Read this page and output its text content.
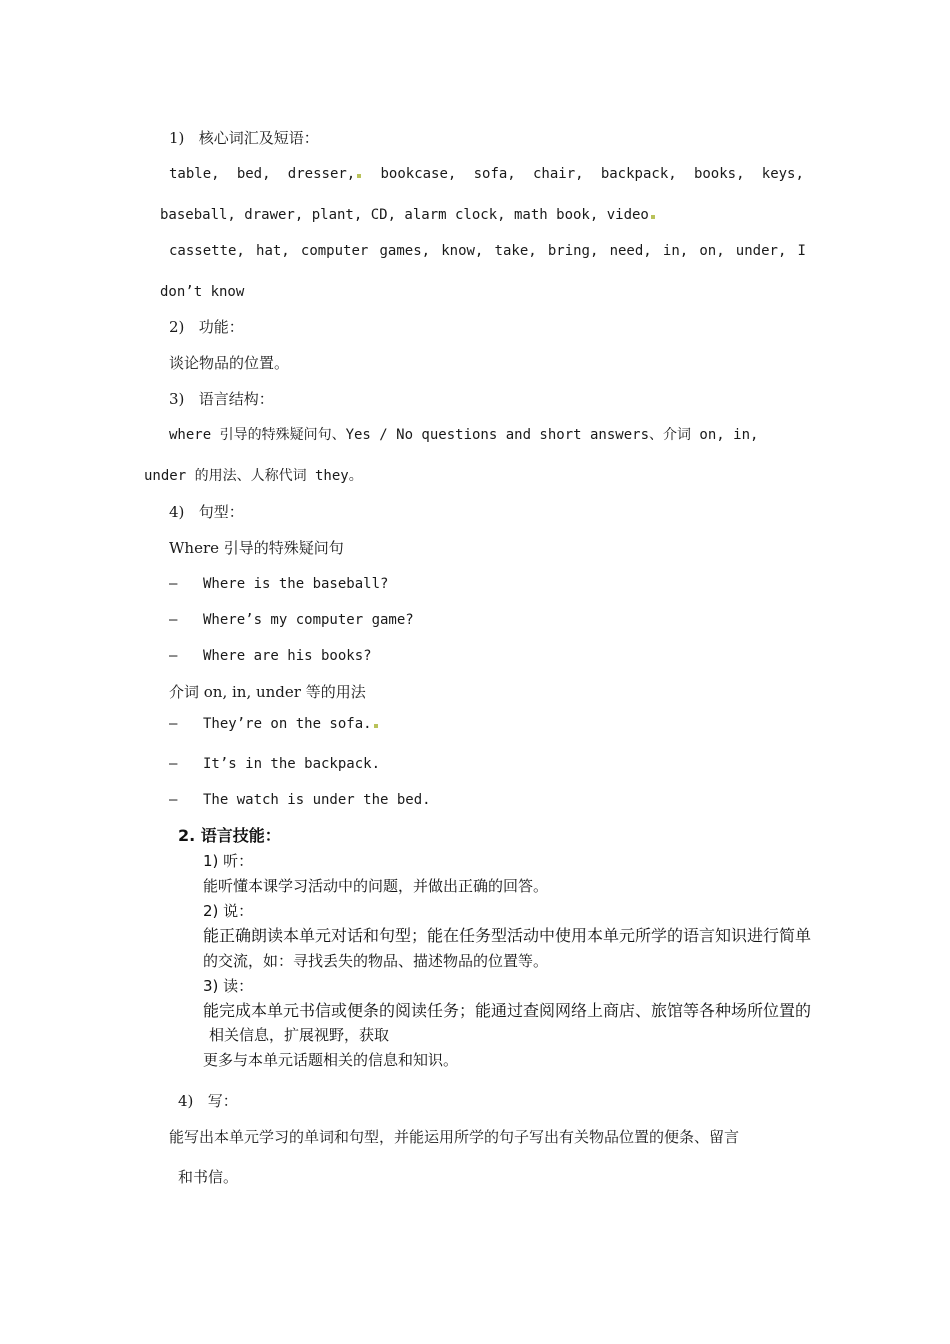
1)   核心词汇及短语：
table, bed, dresser,	bookcase, sofa, chair, backpack, books, keys,
baseball, drawer, plant, CD, alarm clock, math book, video
cassette, hat, computer games, know, take, bring, need, in, on, under, I
don’t know
2)   功能：
谈论物品的位置。
3)   语言结构：
where 引导的特殊疑问句、Yes / No questions and short answers、介词 on, in,
under 的用法、人称代词 they。
4)   句型：
Where 引导的特殊疑问句
— Where is the baseball?
— Where’s my computer game?
— Where are his books?
介词 on, in, under 等的用法
— They’re on the sofa.
— It’s in the backpack.
— The watch is under the bed.
2. 语言技能：
1) 听：
能听懂本课学习活动中的问题，并做出正确的回答。
2) 说：
能正确朗读本单元对话和句型；能在任务型活动中使用本单元所学的语言知识进行简单
的交流，如：寻找丢失的物品、描述物品的位置等。
3) 读：
能完成本单元书信或便条的阅读任务；能通过查阅网络上商店、旅馆等各种场所位置的
相关信息，扩展视野，获取
更多与本单元话题相关的信息和知识。
4)   写：
能写出本单元学习的单词和句型，并能运用所学的句子写出有关物品位置的便条、留言
和书信。
